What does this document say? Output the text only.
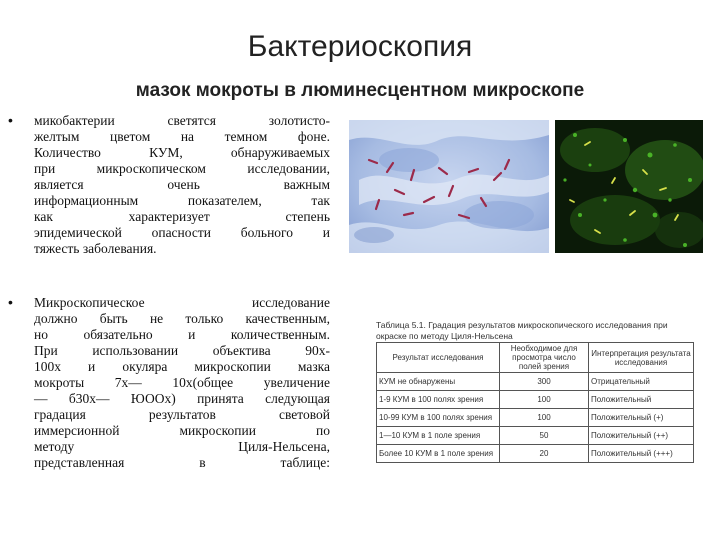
Бактериоскопия
мазок мокроты в люминесцентном микроскопе
• микобактерии светятся золотисто-
желтым цветом на темном фоне.
Количество КУМ, обнаруживаемых
при микроскопическом исследовании,
является очень важным
информационным показателем, так
как характеризует степень
эпидемической опасности больного и
тяжесть заболевания.
• Микроскопическое исследование
должно быть не только качественным,
но обязательно и количественным.
При использовании объектива 90х-
100х и окуляра микроскопии мазка
мокроты 7х— 10х(общее увеличение
— б30х— ЮООх) принята следующая
градация результатов световой
иммерсионной микроскопии по
методу Циля-Нельсена,
представленная в таблице:
Таблица 5.1. Градация результатов микроскопического исследования при
окраске по методу Циля-Нельсена
Результат исследования	Необходимое для просмотра число полей зрения	Интерпретация результата исследования
КУМ не обнаружены	300	Отрицательный
1-9 КУМ в 100 полях зрения	100	Положительный
10-99 КУМ в 100 полях зрения	100	Положительный (+)
1—10 КУМ в 1 поле зрения	50	Положительный (++)
Более 10 КУМ в 1 поле зрения	20	Положительный (+++)
